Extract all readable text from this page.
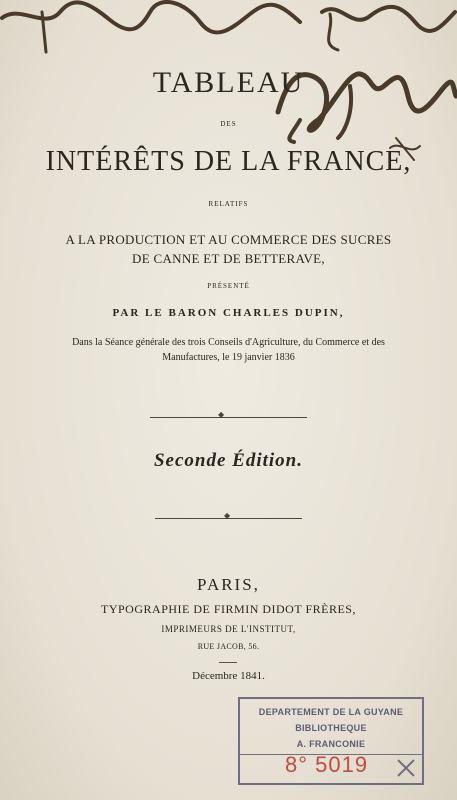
TABLEAU
DES
INTÉRÊTS DE LA FRANCE,
RELATIFS
A LA PRODUCTION ET AU COMMERCE DES SUCRES
DE CANNE ET DE BETTERAVE,
PRÉSENTÉ
PAR LE BARON CHARLES DUPIN,
Dans la Séance générale des trois Conseils d'Agriculture, du Commerce et des
Manufactures, le 19 janvier 1836
◆
Seconde Édition.
◆
PARIS,
TYPOGRAPHIE DE FIRMIN DIDOT FRÈRES,
IMPRIMEURS DE L'INSTITUT,
RUE JACOB, 56.
Décembre 1841.
DEPARTEMENT DE LA GUYANE
BIBLIOTHEQUE
A. FRANCONIE
8° 5019
